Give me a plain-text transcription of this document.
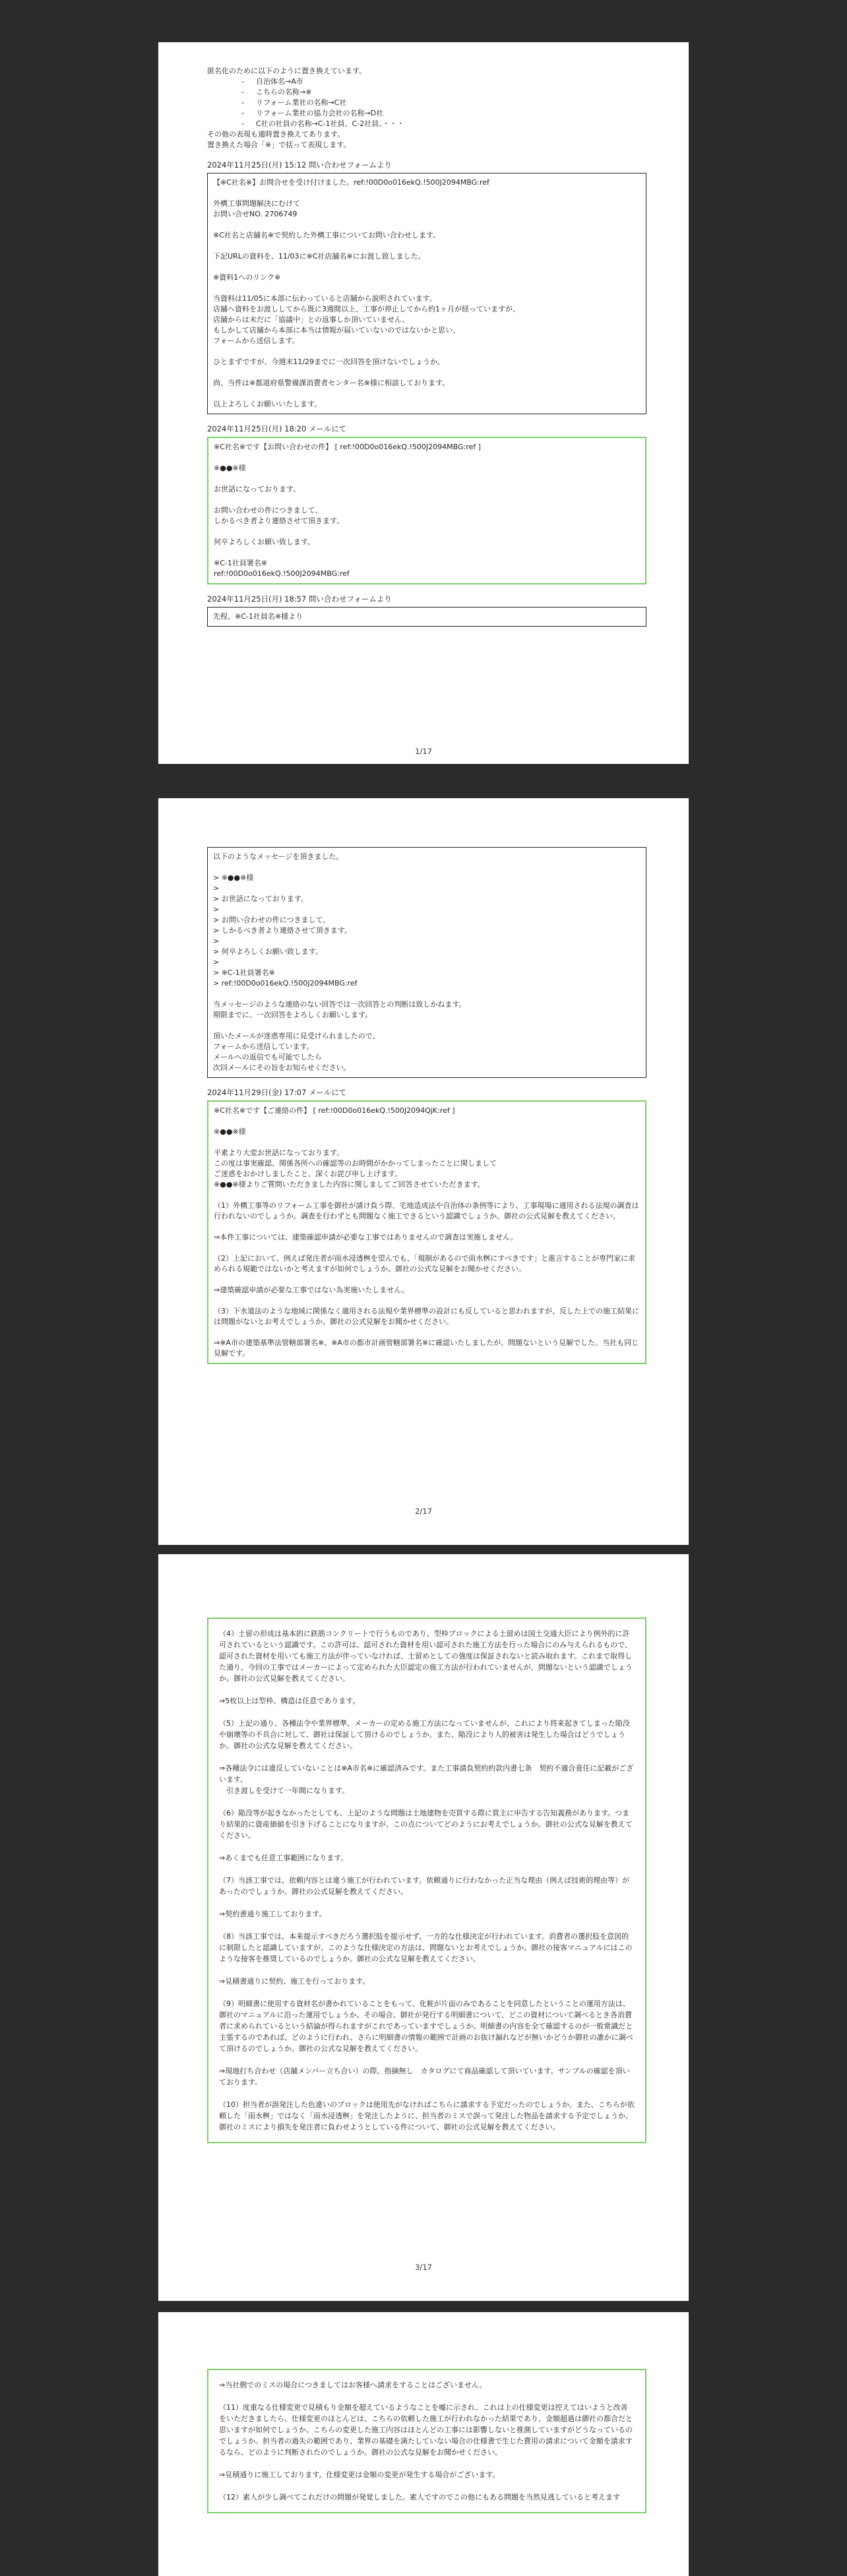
匿名化のために以下のように置き換えています。

- 自治体名→A市
- こちらの名称→※
- リフォーム業社の名称→C社
- リフォーム業社の協力会社の名称→D社
- C社の社員の名称→C-1社員、C-2社員、・・・

その他の表現も適時置き換えてあります。

置き換えた場合「※」で括って表現します。

2024年11月25日(月) 15:12 問い合わせフォームより

【※C社名※】お問合せを受け付けました。ref:!00D0o016ekQ.!500J2094MBG:ref

外構工事問題解決にむけて

お問い合せNO. 2706749

※C社名と店舗名※で契約した外構工事についてお問い合わせします。

下記URLの資料を、11/03に※C社店舗名※にお渡し致しました。

※資料1へのリンク※

当資料は11/05に本部に伝わっていると店舗から説明されています。

店舗へ資料をお渡ししてから既に3週間以上、工事が停止してから約1ヶ月が経っていますが、

店舗からは未だに「協議中」との返事しか頂いていません。

もしかして店舗から本部に本当は情報が届いていないのではないかと思い、

フォームから送信します。

ひとまずですが、今週末11/29までに一次回答を頂けないでしょうか。

尚、当件は※都道府県警備課消費者センター名※様に相談しております。

以上よろしくお願いいたします。

2024年11月25日(月) 18:20 メールにて

※C社名※です【お問い合わせの件】 [ ref:!00D0o016ekQ.!500J2094MBG:ref ]

※●●※様

お世話になっております。

お問い合わせの件につきまして、

しかるべき者より連絡させて頂きます。

何卒よろしくお願い致します。

※C-1社員署名※

ref:!00D0o016ekQ.!500J2094MBG:ref

2024年11月25日(月) 18:57 問い合わせフォームより

先程、※C-1社員名※様より

1/17

以下のようなメッセージを頂きました。

> ※●●※様

>

> お世話になっております。

>

> お問い合わせの件につきまして、

> しかるべき者より連絡させて頂きます。

>

> 何卒よろしくお願い致します。

>

> ※C-1社員署名※

> ref:!00D0o016ekQ.!500J2094MBG:ref

当メッセージのような連絡のない回答では一次回答との判断は致しかねます。

期限までに、一次回答をよろしくお願いします。

頂いたメールが迷惑専用に見受けられましたので、

フォームから送信しています。

メールへの返信でも可能でしたら

次回メールにその旨をお知らせください。

2024年11月29日(金) 17:07 メールにて

※C社名※です【ご連絡の件】 [ ref:!00D0o016ekQ.!500J2094QjK:ref ]

※●●※様

平素より大変お世話になっております。

この度は事実確認、関係各所への確認等のお時間がかかってしまったことに関しまして

ご迷惑をおかけしましたこと、深くお詫び申し上げます。

※●●※様よりご質問いただきました内容に関しましてご回答させていただきます。

（1）外構工事等のリフォーム工事を御社が請け負う際、宅地造成法や自治体の条例等により、工事現場に適用される法規の調査は行われないのでしょうか。調査を行わずとも問題なく施工できるという認識でしょうか。御社の公式見解を教えてください。

⇒本件工事については、建築確認申請が必要な工事ではありませんので調査は実施しません。

（2）上記において、例えば発注者が雨水浸透桝を望んでも、「規制があるので雨水桝にすべきです」と進言することが専門家に求められる規範ではないかと考えますが如何でしょうか。御社の公式な見解をお聞かせください。

⇒建築確認申請が必要な工事ではない為実施いたしません。

（3）下水道法のような地域に関係なく適用される法規や業界標準の設計にも反していると思われますが、反した上での施工結果には問題がないとお考えでしょうか。御社の公式見解をお聞かせください。

⇒※A市の建築基準法管轄部署名※、※A市の都市計画管轄部署名※に確認いたしましたが、問題ないという見解でした。当社も同じ見解です。

2/17

（4）土留の形成は基本的に鉄筋コンクリートで行うものであり、型枠ブロックによる土留めは国土交通大臣により例外的に許可されているという認識です。この許可は、認可された資材を用い認可された施工方法を行った場合にのみ与えられるもので、認可された資材を用いても施工方法が伴っていなければ、土留めとしての強度は保証されないと読み取れます。これまで取得した通り、今回の工事ではメーカーによって定められた大臣認定の施工方法が行われていませんが、問題ないという認識でしょうか。御社の公式見解を教えてください。

⇒5枚以上は型枠、構造は任意であります。

（5）上記の通り、各種法令や業界標準、メーカーの定める施工方法になっていませんが、これにより将来起きてしまった陥没や崩壊等の不具合に対して、御社は保証して頂けるのでしょうか。また、陥没により人的被害は発生した場合はどうでしょうか。御社の公式な見解を教えてください。

⇒各種法令には違反していないことは※A市名※に確認済みです。また工事請負契約約款内書七条　契約不適合責任に記載がございます。

　引き渡しを受けて一年間になります。

（6）陥没等が起きなかったとしても、上記のような問題は土地建物を売買する際に買主に申告する告知義務があります。つまり結果的に資産価値を引き下げることになりますが、この点についてどのようにお考えでしょうか。御社の公式な見解を教えてください。

⇒あくまでも任意工事範囲になります。

（7）当該工事では、依頼内容とは違う施工が行われています。依頼通りに行わなかった正当な理由（例えば技術的理由等）があったのでしょうか。御社の公式見解を教えてください。

⇒契約書通り施工しております。

（8）当該工事では、本来提示すべきだろう選択肢を提示せず、一方的な仕様決定が行われています。消費者の選択肢を意図的に制限したと認識していますが、このような仕様決定の方法は、問題ないとお考えでしょうか。御社の接客マニュアルにはこのような接客を推奨しているのでしょうか。御社の公式な見解を教えてください。

⇒見積書通りに契約、施工を行っております。

（9）明細書に使用する資材名が書かれていることをもって、化粧が片面のみであることを同意したということの運用方法は、御社のマニュアルに沿った運用でしょうか。その場合、御社が発行する明細書について、どこの資材について調べるとき各消費者に求められているという結論が得られますがこれであっていますでしょうか。明細書の内容を全て確認するのが一般常識だと主張するのであれば、どのように行われ、さらに明細書の情報の範囲で計画のお抜け漏れなどが無いかどうか御社の誰かに調べて頂けるのでしょうか。御社の公式な見解を教えてください。

⇒現地打ち合わせ（店舗メンバー立ち合い）の際、指摘無し　カタログにて商品確認して頂いています。サンプルの確認を頂いております。

（10）担当者が誤発注した色違いのブロックは使用先がなければこちらに請求する予定だったのでしょうか。また、こちらが依頼した「雨水桝」ではなく「雨水浸透桝」を発注したように、担当者のミスで誤って発注した物品を請求する予定でしょうか。御社のミスにより損失を発注者に負わせようとしている件について、御社の公式見解を教えてください。

3/17

⇒当社側でのミスの場合につきましてはお客様へ請求をすることはございません。

（11）度重なる仕様変更で見積もり金額を超えているようなことを嘘に示され、これは上の仕様変更は控えてはいようと改善をいただきましたら、仕様変更のほとんどは、こちらの依頼した施工が行われなかった結果であり、金額超過は御社の都合だと思いますが如何でしょうか。こちらの変更した施工内容はほとんどの工事には影響しないと推測していますがどうなっているのでしょうか。担当者の過失の範囲であり、業界の基礎を満たしていない場合の仕様書で生じた費用の請求について金額を請求するなら、どのように判断されたのでしょうか。御社の公式な見解をお聞かせください。

⇒見積通りに施工しております。仕様変更は金額の変更が発生する場合がございます。

（12）素人が少し調べてこれだけの問題が発覚しました。素人ですのでこの他にもある問題を当然見逃していると考えます
